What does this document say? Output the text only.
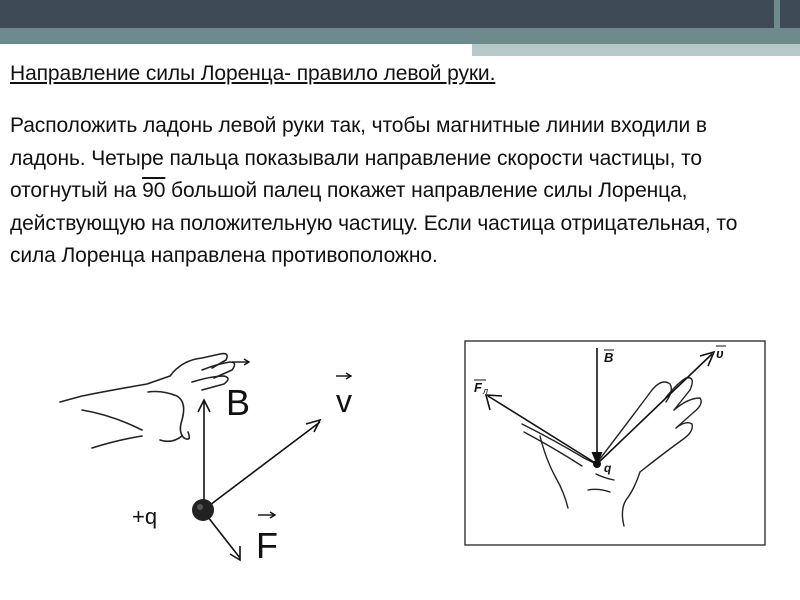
Направление силы Лоренца- правило левой руки.

Расположить ладонь левой руки так, чтобы магнитные линии входили в ладонь. Четыре пальца показывали направление скорости частицы, то отогнутый на 90 большой палец покажет направление силы Лоренца, действующую на положительную частицу. Если частица отрицательная, то сила Лоренца направлена противоположно.

B	v
F
+q
B	υ
F л
q
